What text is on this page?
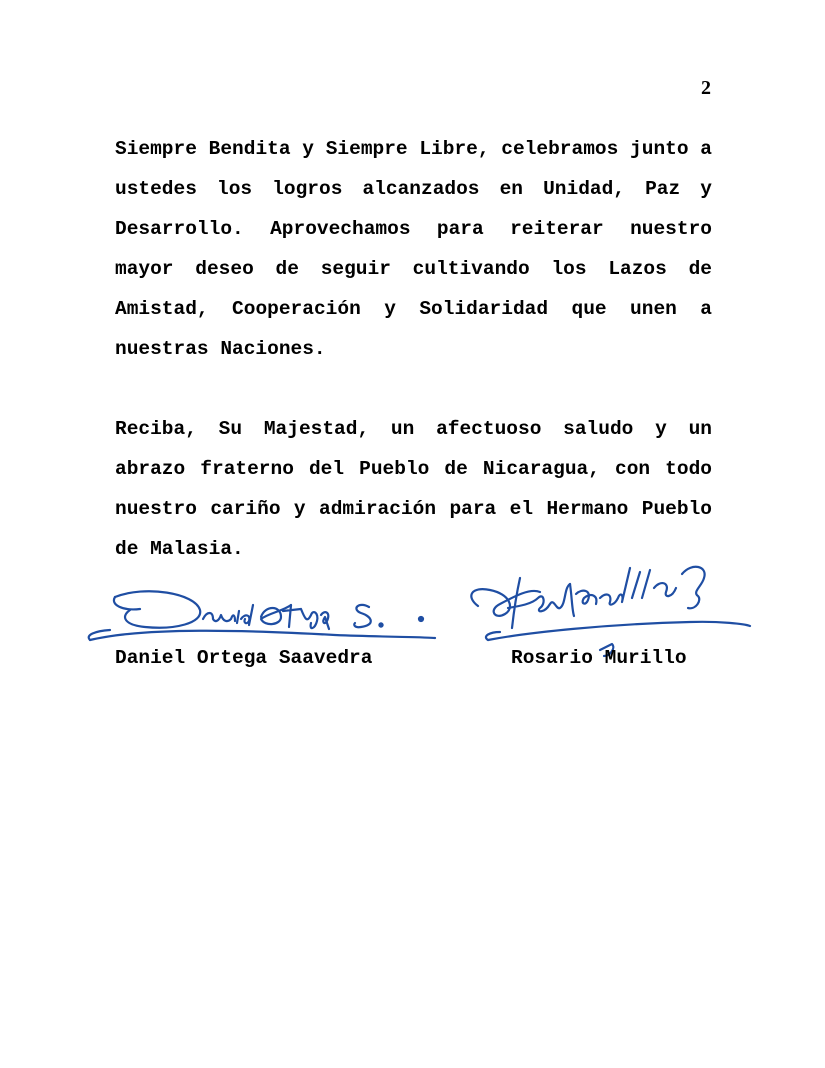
2

Siempre Bendita y Siempre Libre, celebramos junto a ustedes los logros alcanzados en Unidad, Paz y Desarrollo. Aprovechamos para reiterar nuestro mayor deseo de seguir cultivando los Lazos de Amistad, Cooperación y Solidaridad que unen a nuestras Naciones.

Reciba, Su Majestad, un afectuoso saludo y un abrazo fraterno del Pueblo de Nicaragua, con todo nuestro cariño y admiración para el Hermano Pueblo de Malasia.

Daniel Ortega Saavedra	Rosario Murillo
